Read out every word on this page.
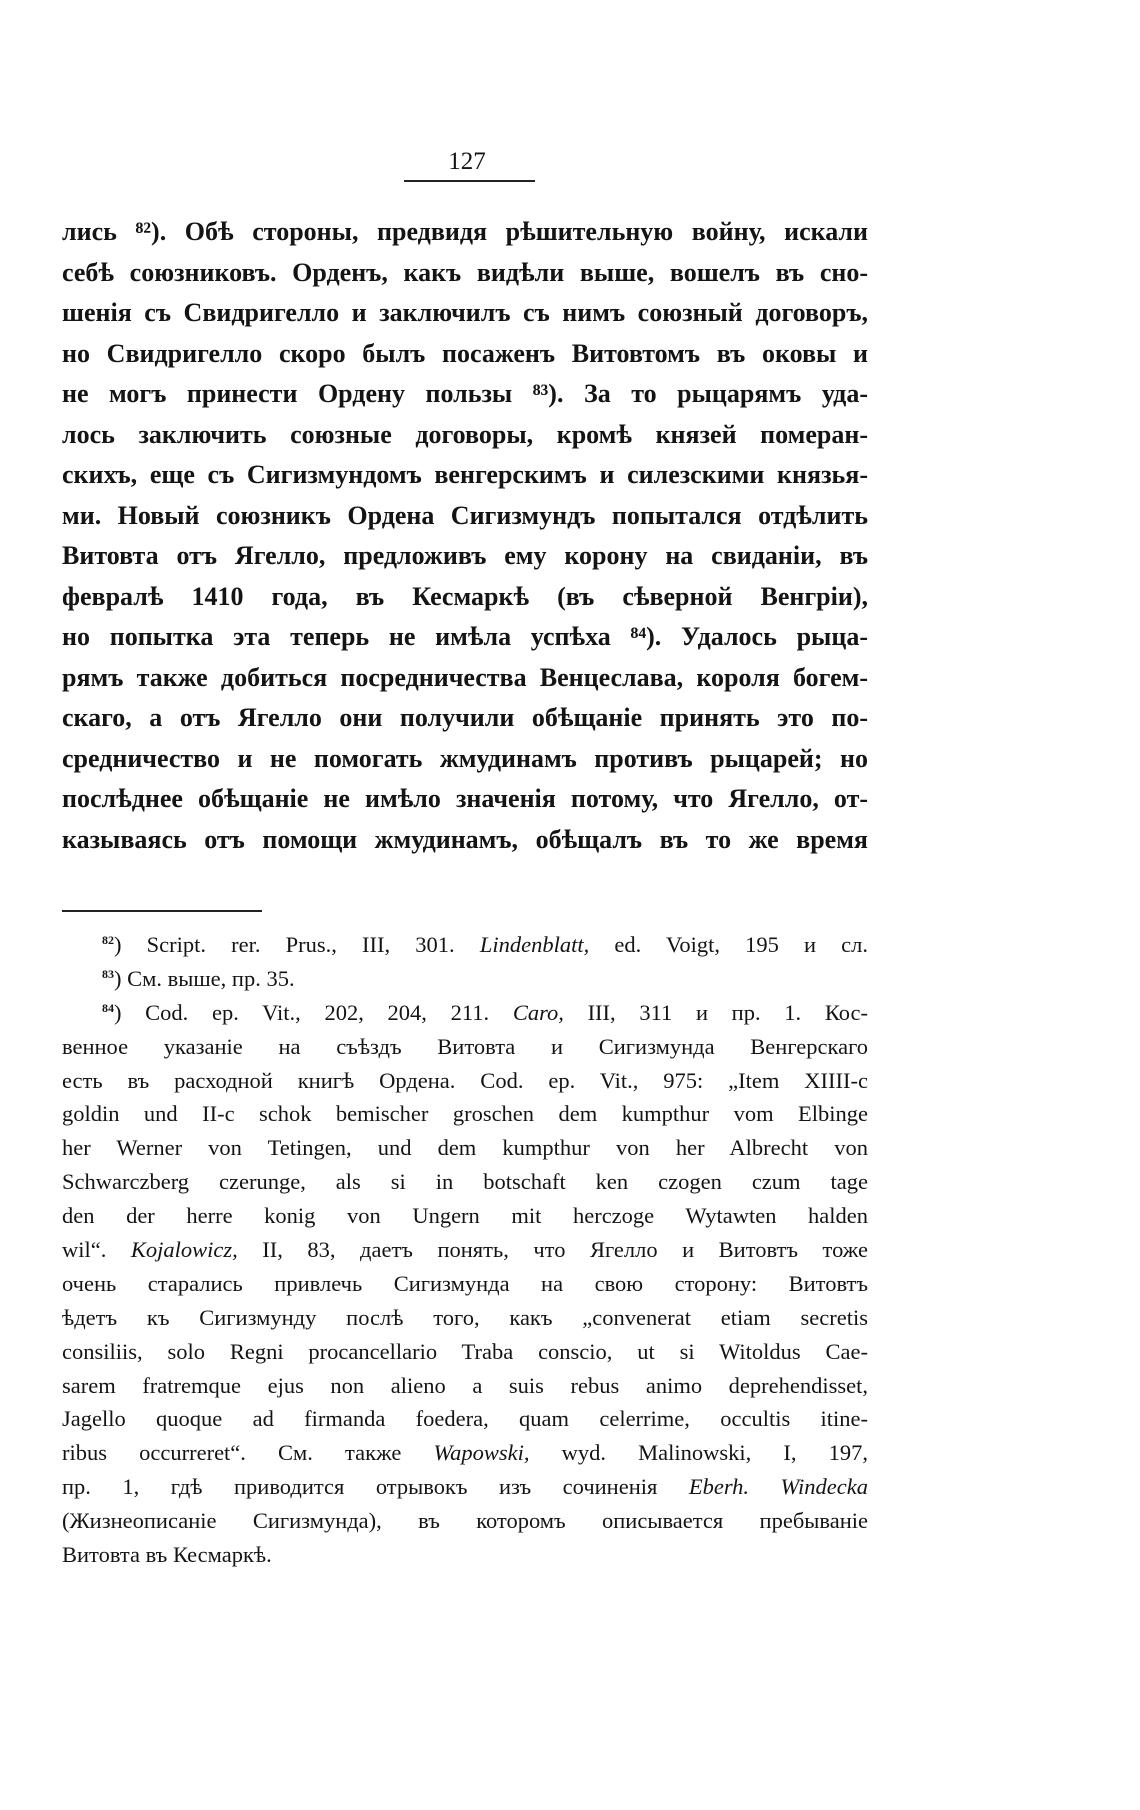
127
лись ⁸²). Обѣ стороны, предвидя рѣшительную войну, искали
себѣ союзниковъ. Орденъ, какъ видѣли выше, вошелъ въ сно-
шенія съ Свидригелло и заключилъ съ нимъ союзный договоръ,
но Свидригелло скоро былъ посаженъ Витовтомъ въ оковы и
не могъ принести Ордену пользы ⁸³). За то рыцарямъ уда-
лось заключить союзные договоры, кромѣ князей померан-
скихъ, еще съ Сигизмундомъ венгерскимъ и силезскими князья-
ми. Новый союзникъ Ордена Сигизмундъ попытался отдѣлить
Витовта отъ Ягелло, предложивъ ему корону на свиданіи, въ
февралѣ 1410 года, въ Кесмаркѣ (въ сѣверной Венгріи),
но попытка эта теперь не имѣла успѣха ⁸⁴). Удалось рыца-
рямъ также добиться посредничества Венцеслава, короля богем-
скаго, а отъ Ягелло они получили обѣщаніе принять это по-
средничество и не помогать жмудинамъ противъ рыцарей; но
послѣднее обѣщаніе не имѣло значенія потому, что Ягелло, от-
казываясь отъ помощи жмудинамъ, обѣщалъ въ то же время
$^{82}$) Script. rer. Prus., III, 301. Lindenblatt, ed. Voigt, 195 и сл.
$^{83}$) См. выше, пр. 35.
$^{84}$) Cod. ep. Vit., 202, 204, 211. Caro, III, 311 и пр. 1. Кос-
венное указаніе на съѣздъ Витовта и Сигизмунда Венгерскаго
есть въ расходной книгѣ Ордена. Cod. ep. Vit., 975: „Item XIIII-c
goldin und II-c schok bemischer groschen dem kumpthur vom Elbinge
her Werner von Tetingen, und dem kumpthur von her Albrecht von
Schwarczberg czerunge, als si in botschaft ken czogen czum tage
den der herre konig von Ungern mit herczoge Wytawten halden
wil“. Kojalowicz, II, 83, даетъ понять, что Ягелло и Витовтъ тоже
очень старались привлечь Сигизмунда на свою сторону: Витовтъ
ѣдетъ къ Сигизмунду послѣ того, какъ „convenerat etiam secretis
consiliis, solo Regni procancellario Traba conscio, ut si Witoldus Cae-
sarem fratremque ejus non alieno a suis rebus animo deprehendisset,
Jagello quoque ad firmanda foedera, quam celerrime, occultis itine-
ribus occurreret“. См. также Wapowski, wyd. Malinowski, I, 197,
пр. 1, гдѣ приводится отрывокъ изъ сочиненія Eberh. Windecka
(Жизнеописаніе Сигизмунда), въ которомъ описывается пребываніе
Витовта въ Кесмаркѣ.
